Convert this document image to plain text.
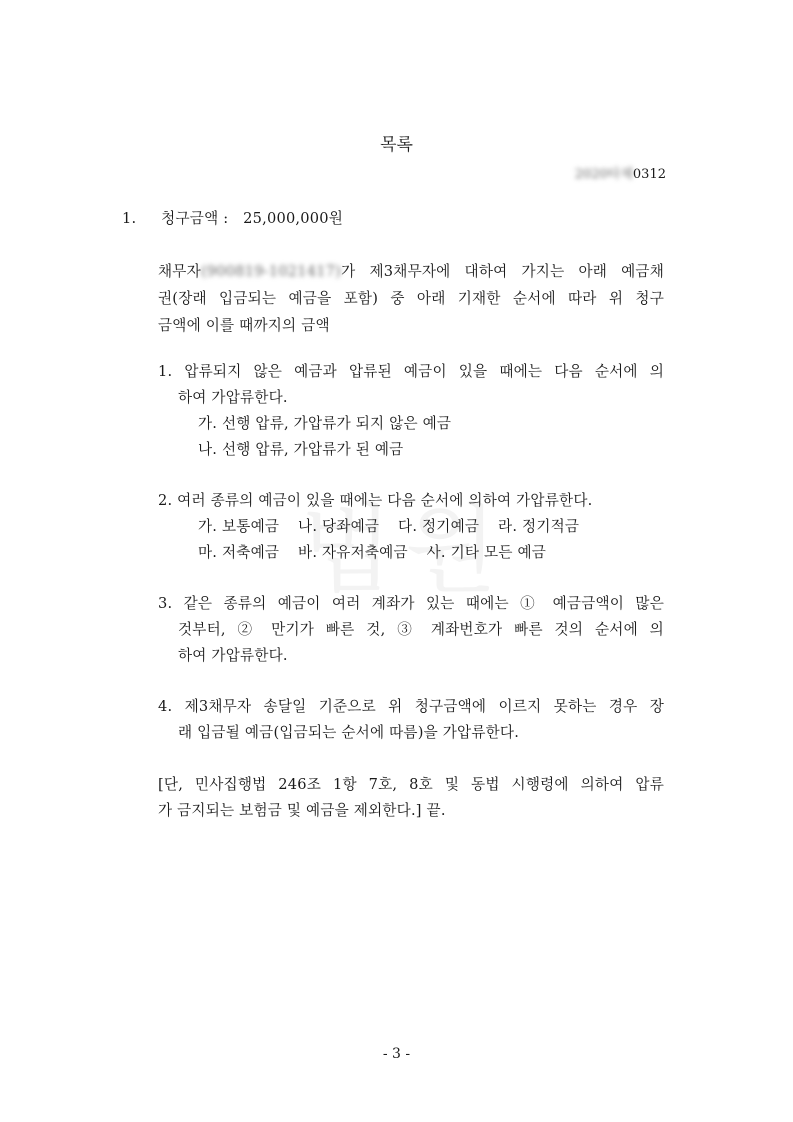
목록
2020타채0312
1. 청구금액 : 25,000,000원
채무자(900819-1021417)가 제3채무자에 대하여 가지는 아래 예금채
권(장래 입금되는 예금을 포함) 중 아래 기재한 순서에 따라 위 청구
금액에 이를 때까지의 금액
1. 압류되지 않은 예금과 압류된 예금이 있을 때에는 다음 순서에 의
하여 가압류한다.
가. 선행 압류, 가압류가 되지 않은 예금
나. 선행 압류, 가압류가 된 예금
2. 여러 종류의 예금이 있을 때에는 다음 순서에 의하여 가압류한다.
가. 보통예금 나. 당좌예금 다. 정기예금 라. 정기적금
마. 저축예금 바. 자유저축예금 사. 기타 모든 예금
3. 같은 종류의 예금이 여러 계좌가 있는 때에는 ① 예금금액이 많은
것부터, ② 만기가 빠른 것, ③ 계좌번호가 빠른 것의 순서에 의
하여 가압류한다.
4. 제3채무자 송달일 기준으로 위 청구금액에 이르지 못하는 경우 장
래 입금될 예금(입금되는 순서에 따름)을 가압류한다.
[단, 민사집행법 246조 1항 7호, 8호 및 동법 시행령에 의하여 압류
가 금지되는 보험금 및 예금을 제외한다.] 끝.
- 3 -
